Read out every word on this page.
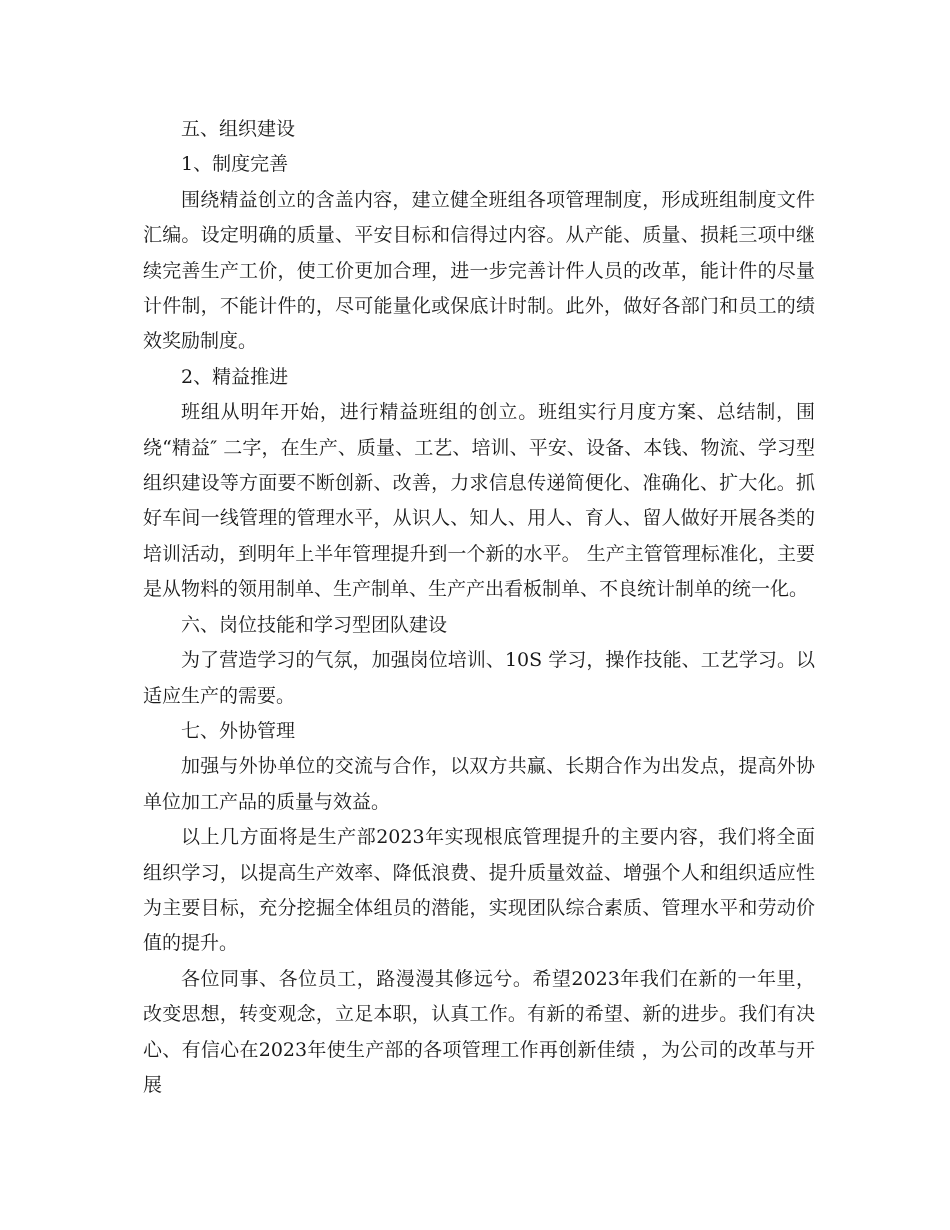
五、组织建设

1、制度完善

围绕精益创立的含盖内容，建立健全班组各项管理制度，形成班组制度文件汇编。设定明确的质量、平安目标和信得过内容。从产能、质量、损耗三项中继续完善生产工价，使工价更加合理，进一步完善计件人员的改革，能计件的尽量计件制，不能计件的，尽可能量化或保底计时制。此外，做好各部门和员工的绩效奖励制度。

2、精益推进

班组从明年开始，进行精益班组的创立。班组实行月度方案、总结制，围绕“精益″ 二字，在生产、质量、工艺、培训、平安、设备、本钱、物流、学习型组织建设等方面要不断创新、改善，力求信息传递简便化、准确化、扩大化。抓好车间一线管理的管理水平，从识人、知人、用人、育人、留人做好开展各类的培训活动，到明年上半年管理提升到一个新的水平。 生产主管管理标准化，主要是从物料的领用制单、生产制单、生产产出看板制单、不良统计制单的统一化。

六、岗位技能和学习型团队建设

为了营造学习的气氛，加强岗位培训、10S 学习，操作技能、工艺学习。以适应生产的需要。

七、外协管理

加强与外协单位的交流与合作，以双方共赢、长期合作为出发点，提高外协单位加工产品的质量与效益。

以上几方面将是生产部2023年实现根底管理提升的主要内容，我们将全面组织学习，以提高生产效率、降低浪费、提升质量效益、增强个人和组织适应性为主要目标，充分挖掘全体组员的潜能，实现团队综合素质、管理水平和劳动价值的提升。

各位同事、各位员工，路漫漫其修远兮。希望2023年我们在新的一年里，改变思想，转变观念，立足本职，认真工作。有新的希望、新的进步。我们有决心、有信心在2023年使生产部的各项管理工作再创新佳绩 ，为公司的改革与开展
